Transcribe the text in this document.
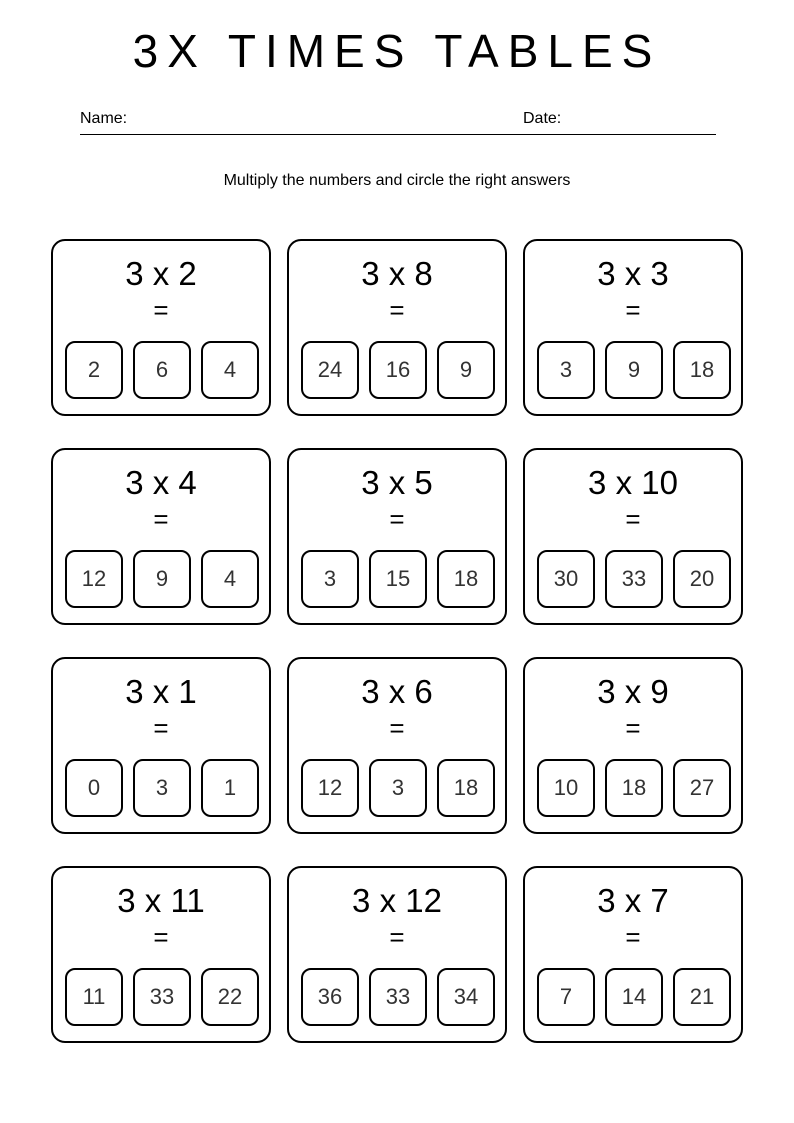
3X TIMES TABLES
Name:	Date:
Multiply the numbers and circle the right answers
3 x 2
=
2	6	4
3 x 8
=
24	16	9
3 x 3
=
3	9	18
3 x 4
=
12	9	4
3 x 5
=
3	15	18
3 x 10
=
30	33	20
3 x 1
=
0	3	1
3 x 6
=
12	3	18
3 x 9
=
10	18	27
3 x 11
=
11	33	22
3 x 12
=
36	33	34
3 x 7
=
7	14	21
